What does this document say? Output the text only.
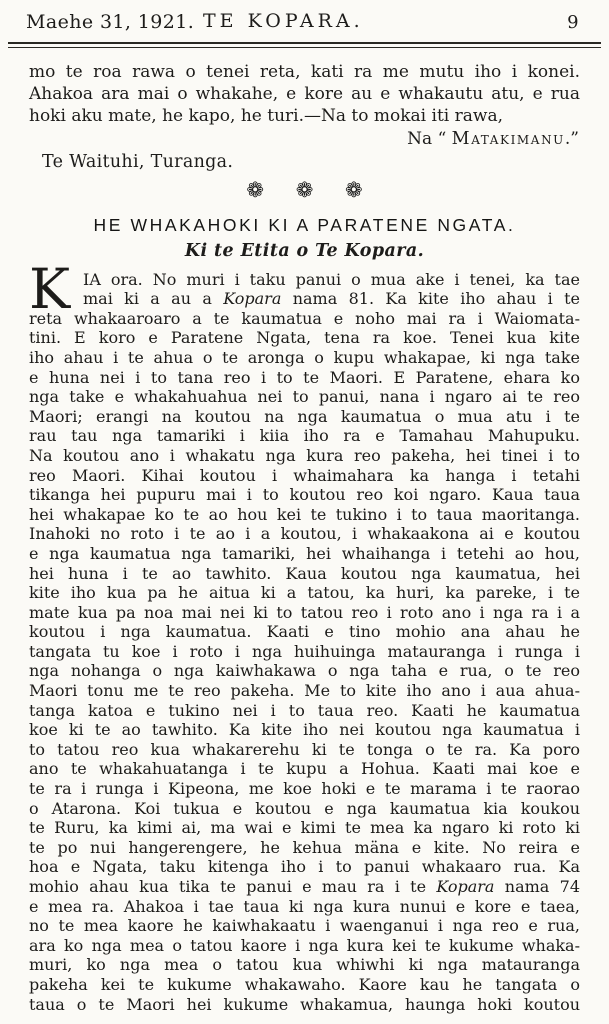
Maehe 31, 1921. TE KOPARA.	9
mo te roa rawa o tenei reta, kati ra me mutu iho i konei.
Ahakoa ara mai o whakahe, e kore au e whakautu atu, e rua
hoki aku mate, he kapo, he turi.—Na to mokai iti rawa,
Na “ Matakimanu.”
Te Waituhi, Turanga.
❁ ❁ ❁
HE WHAKAHOKI KI A PARATENE NGATA.
Ki te Etita o Te Kopara.
K IA ora. No muri i taku panui o mua ake i tenei, ka tae
mai ki a au a Kopara nama 81. Ka kite iho ahau i te
reta whakaaroaro a te kaumatua e noho mai ra i Waiomata-
tini. E koro e Paratene Ngata, tena ra koe. Tenei kua kite
iho ahau i te ahua o te aronga o kupu whakapae, ki nga take
e huna nei i to tana reo i to te Maori. E Paratene, ehara ko
nga take e whakahuahua nei to panui, nana i ngaro ai te reo
Maori; erangi na koutou na nga kaumatua o mua atu i te
rau tau nga tamariki i kiia iho ra e Tamahau Mahupuku.
Na koutou ano i whakatu nga kura reo pakeha, hei tinei i to
reo Maori. Kihai koutou i whaimahara ka hanga i tetahi
tikanga hei pupuru mai i to koutou reo koi ngaro. Kaua taua
hei whakapae ko te ao hou kei te tukino i to taua maoritanga.
Inahoki no roto i te ao i a koutou, i whakaakona ai e koutou
e nga kaumatua nga tamariki, hei whaihanga i tetehi ao hou,
hei huna i te ao tawhito. Kaua koutou nga kaumatua, hei
kite iho kua pa he aitua ki a tatou, ka huri, ka pareke, i te
mate kua pa noa mai nei ki to tatou reo i roto ano i nga ra i a
koutou i nga kaumatua. Kaati e tino mohio ana ahau he
tangata tu koe i roto i nga huihuinga matauranga i runga i
nga nohanga o nga kaiwhakawa o nga taha e rua, o te reo
Maori tonu me te reo pakeha. Me to kite iho ano i aua ahua-
tanga katoa e tukino nei i to taua reo. Kaati he kaumatua
koe ki te ao tawhito. Ka kite iho nei koutou nga kaumatua i
to tatou reo kua whakarerehu ki te tonga o te ra. Ka poro
ano te whakahuatanga i te kupu a Hohua. Kaati mai koe e
te ra i runga i Kipeona, me koe hoki e te marama i te raorao
o Atarona. Koi tukua e koutou e nga kaumatua kia koukou
te Ruru, ka kimi ai, ma wai e kimi te mea ka ngaro ki roto ki
te po nui hangerengere, he kehua mäna e kite. No reira e
hoa e Ngata, taku kitenga iho i to panui whakaaro rua. Ka
mohio ahau kua tika te panui e mau ra i te Kopara nama 74
e mea ra. Ahakoa i tae taua ki nga kura nunui e kore e taea,
no te mea kaore he kaiwhakaatu i waenganui i nga reo e rua,
ara ko nga mea o tatou kaore i nga kura kei te kukume whaka-
muri, ko nga mea o tatou kua whiwhi ki nga matauranga
pakeha kei te kukume whakawaho. Kaore kau he tangata o
taua o te Maori hei kukume whakamua, haunga hoki koutou
